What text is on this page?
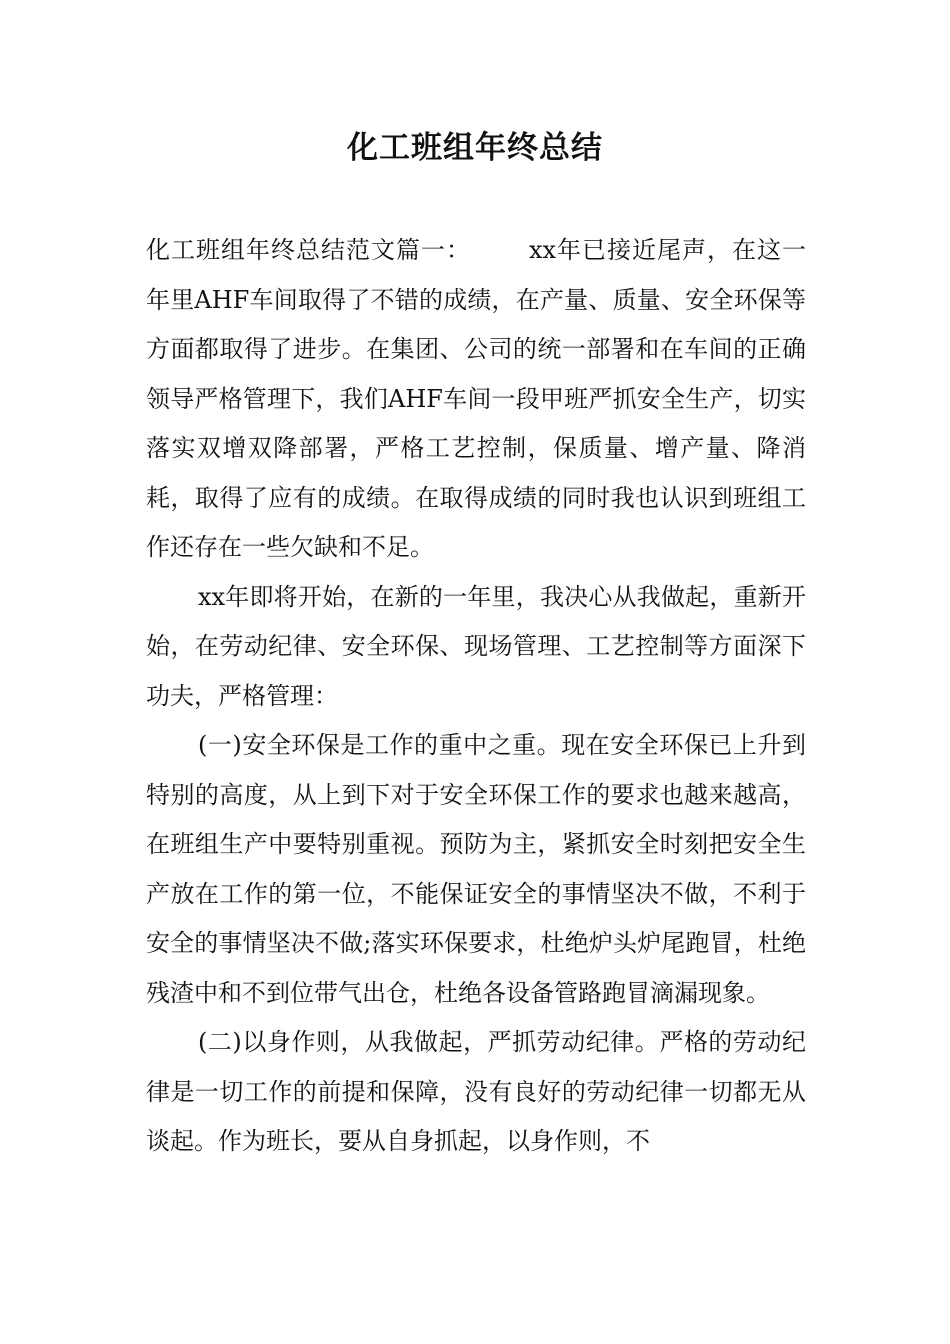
化工班组年终总结

化工班组年终总结范文篇一： xx年已接近尾声，在这一年里AHF车间取得了不错的成绩，在产量、质量、安全环保等方面都取得了进步。在集团、公司的统一部署和在车间的正确领导严格管理下，我们AHF车间一段甲班严抓安全生产，切实落实双增双降部署，严格工艺控制，保质量、增产量、降消耗，取得了应有的成绩。在取得成绩的同时我也认识到班组工作还存在一些欠缺和不足。

xx年即将开始，在新的一年里，我决心从我做起，重新开始，在劳动纪律、安全环保、现场管理、工艺控制等方面深下功夫，严格管理：

(一)安全环保是工作的重中之重。现在安全环保已上升到特别的高度，从上到下对于安全环保工作的要求也越来越高，在班组生产中要特别重视。预防为主，紧抓安全时刻把安全生产放在工作的第一位，不能保证安全的事情坚决不做，不利于安全的事情坚决不做;落实环保要求，杜绝炉头炉尾跑冒，杜绝残渣中和不到位带气出仓，杜绝各设备管路跑冒滴漏现象。

(二)以身作则，从我做起，严抓劳动纪律。严格的劳动纪律是一切工作的前提和保障，没有良好的劳动纪律一切都无从谈起。作为班长，要从自身抓起，以身作则，不
